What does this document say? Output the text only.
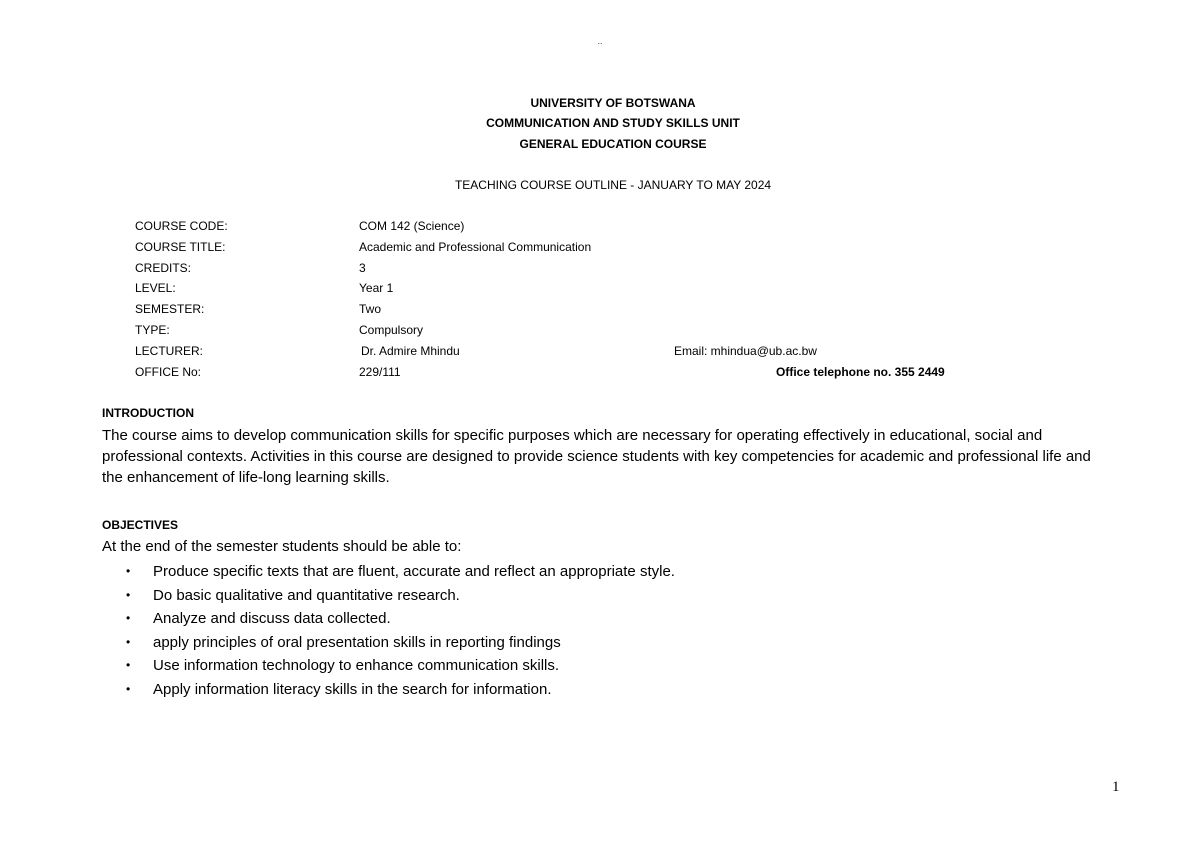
..
UNIVERSITY OF BOTSWANA
COMMUNICATION AND STUDY SKILLS UNIT
GENERAL EDUCATION COURSE
TEACHING COURSE OUTLINE - JANUARY TO MAY 2024
COURSE CODE:	COM 142 (Science)
COURSE TITLE:	Academic and Professional Communication
CREDITS:	3
LEVEL:	Year 1
SEMESTER:	Two
TYPE:	Compulsory
LECTURER:	Dr. Admire Mhindu	Email: mhindua@ub.ac.bw
OFFICE No:	229/111	Office telephone no. 355 2449
INTRODUCTION
The course aims to develop communication skills for specific purposes which are necessary for operating effectively in educational, social and professional contexts. Activities in this course are designed to provide science students with key competencies for academic and professional life and the enhancement of life-long learning skills.
OBJECTIVES
At the end of the semester students should be able to:
• Produce specific texts that are fluent, accurate and reflect an appropriate style.
• Do basic qualitative and quantitative research.
• Analyze and discuss data collected.
• apply principles of oral presentation skills in reporting findings
• Use information technology to enhance communication skills.
• Apply information literacy skills in the search for information.
1
